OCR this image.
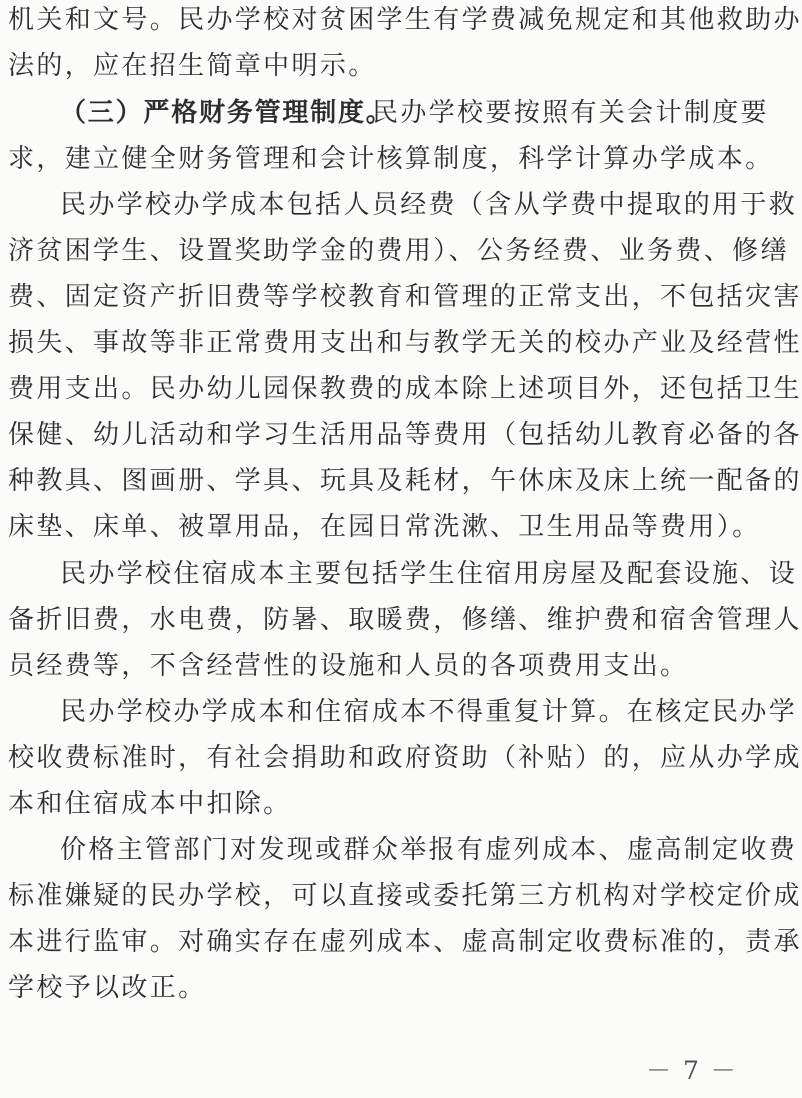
机关和文号。民办学校对贫困学生有学费减免规定和其他救助办
法的，应在招生简章中明示。
（三）严格财务管理制度。
民办学校要按照有关会计制度要
求，建立健全财务管理和会计核算制度，科学计算办学成本。
民办学校办学成本包括人员经费（含从学费中提取的用于救
济贫困学生、设置奖助学金的费用）、公务经费、业务费、修缮
费、固定资产折旧费等学校教育和管理的正常支出，不包括灾害
损失、事故等非正常费用支出和与教学无关的校办产业及经营性
费用支出。民办幼儿园保教费的成本除上述项目外，还包括卫生
保健、幼儿活动和学习生活用品等费用（包括幼儿教育必备的各
种教具、图画册、学具、玩具及耗材，午休床及床上统一配备的
床垫、床单、被罩用品，在园日常洗漱、卫生用品等费用）。
民办学校住宿成本主要包括学生住宿用房屋及配套设施、设
备折旧费，水电费，防暑、取暖费，修缮、维护费和宿舍管理人
员经费等，不含经营性的设施和人员的各项费用支出。
民办学校办学成本和住宿成本不得重复计算。在核定民办学
校收费标准时，有社会捐助和政府资助（补贴）的，应从办学成
本和住宿成本中扣除。
价格主管部门对发现或群众举报有虚列成本、虚高制定收费
标准嫌疑的民办学校，可以直接或委托第三方机构对学校定价成
本进行监审。对确实存在虚列成本、虚高制定收费标准的，责承
学校予以改正。
－ 7 －
